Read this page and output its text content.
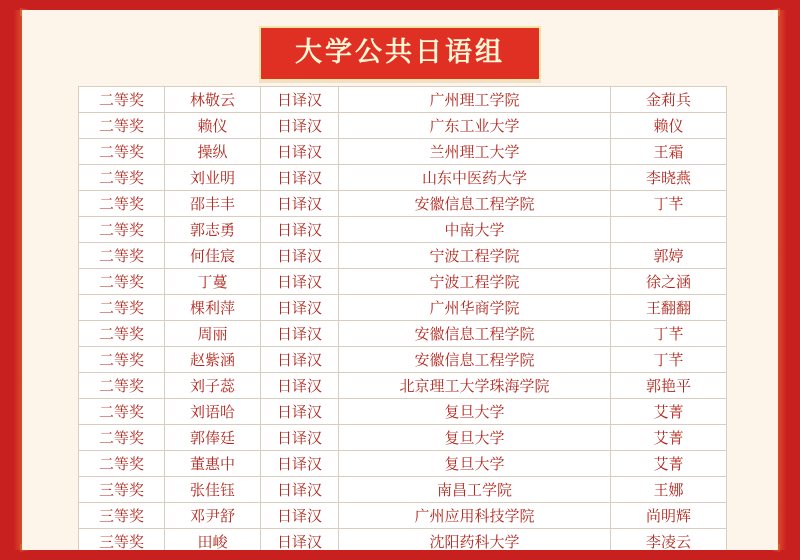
大学公共日语组
二等奖	林敬云	日译汉	广州理工学院	金莉兵
二等奖	赖仪	日译汉	广东工业大学	赖仪
二等奖	操纵	日译汉	兰州理工大学	王霜
二等奖	刘业明	日译汉	山东中医药大学	李晓燕
二等奖	邵丰丰	日译汉	安徽信息工程学院	丁芊
二等奖	郭志勇	日译汉	中南大学	
二等奖	何佳宸	日译汉	宁波工程学院	郭婷
二等奖	丁蔓	日译汉	宁波工程学院	徐之涵
二等奖	棵利萍	日译汉	广州华商学院	王翻翻
二等奖	周丽	日译汉	安徽信息工程学院	丁芊
二等奖	赵紫涵	日译汉	安徽信息工程学院	丁芊
二等奖	刘子蕊	日译汉	北京理工大学珠海学院	郭艳平
二等奖	刘语哈	日译汉	复旦大学	艾菁
二等奖	郭俸廷	日译汉	复旦大学	艾菁
二等奖	董惠中	日译汉	复旦大学	艾菁
三等奖	张佳钰	日译汉	南昌工学院	王娜
三等奖	邓尹舒	日译汉	广州应用科技学院	尚明辉
三等奖	田峻	日译汉	沈阳药科大学	李凌云
